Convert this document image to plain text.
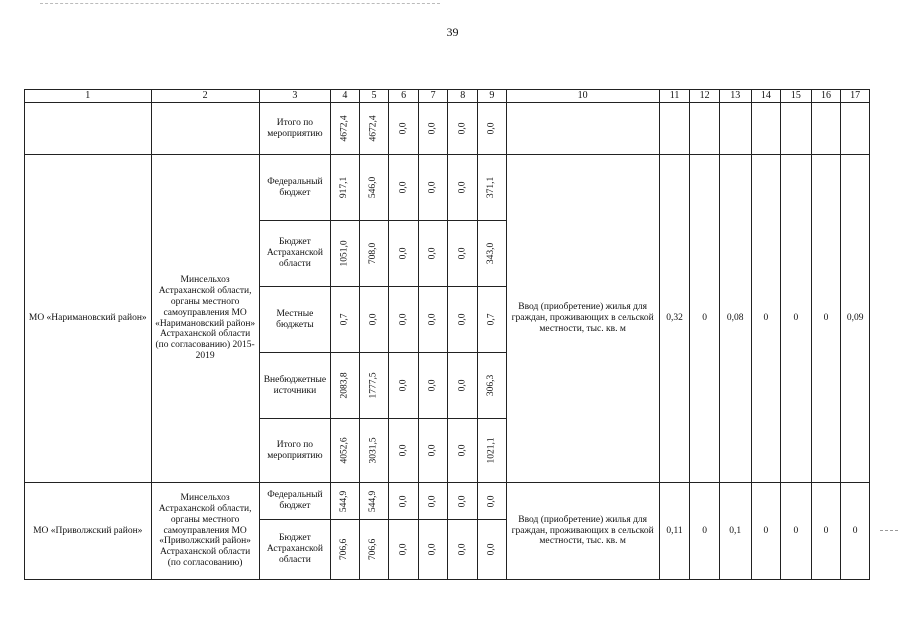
39
1	2	3	4	5	6	7	8	9	10	11	12	13	14	15	16	17
		Итого по мероприятию	4672,4	4672,4	0,0	0,0	0,0	0,0								
МО «Наримановский район»	Минсельхоз Астраханской области, органы местного самоуправления МО «Наримановский район» Астраханской области (по согласованию) 2015-2019	Федеральный бюджет	917,1	546,0	0,0	0,0	0,0	371,1	Ввод (приобретение) жилья для граждан, проживающих в сельской местности, тыс. кв. м	0,32	0	0,08	0	0	0	0,09
		Бюджет Астраханской области	1051,0	708,0	0,0	0,0	0,0	343,0								
		Местные бюджеты	0,7	0,0	0,0	0,0	0,0	0,7								
		Внебюджетные источники	2083,8	1777,5	0,0	0,0	0,0	306,3								
		Итого по мероприятию	4052,6	3031,5	0,0	0,0	0,0	1021,1								
МО «Приволжский район»	Минсельхоз Астраханской области, органы местного самоуправления МО «Приволжский район» Астраханской области (по согласованию)	Федеральный бюджет	544,9	544,9	0,0	0,0	0,0	0,0	Ввод (приобретение) жилья для граждан, проживающих в сельской местности, тыс. кв. м	0,11	0	0,1	0	0	0	0
		Бюджет Астраханской области	706,6	706,6	0,0	0,0	0,0	0,0								
